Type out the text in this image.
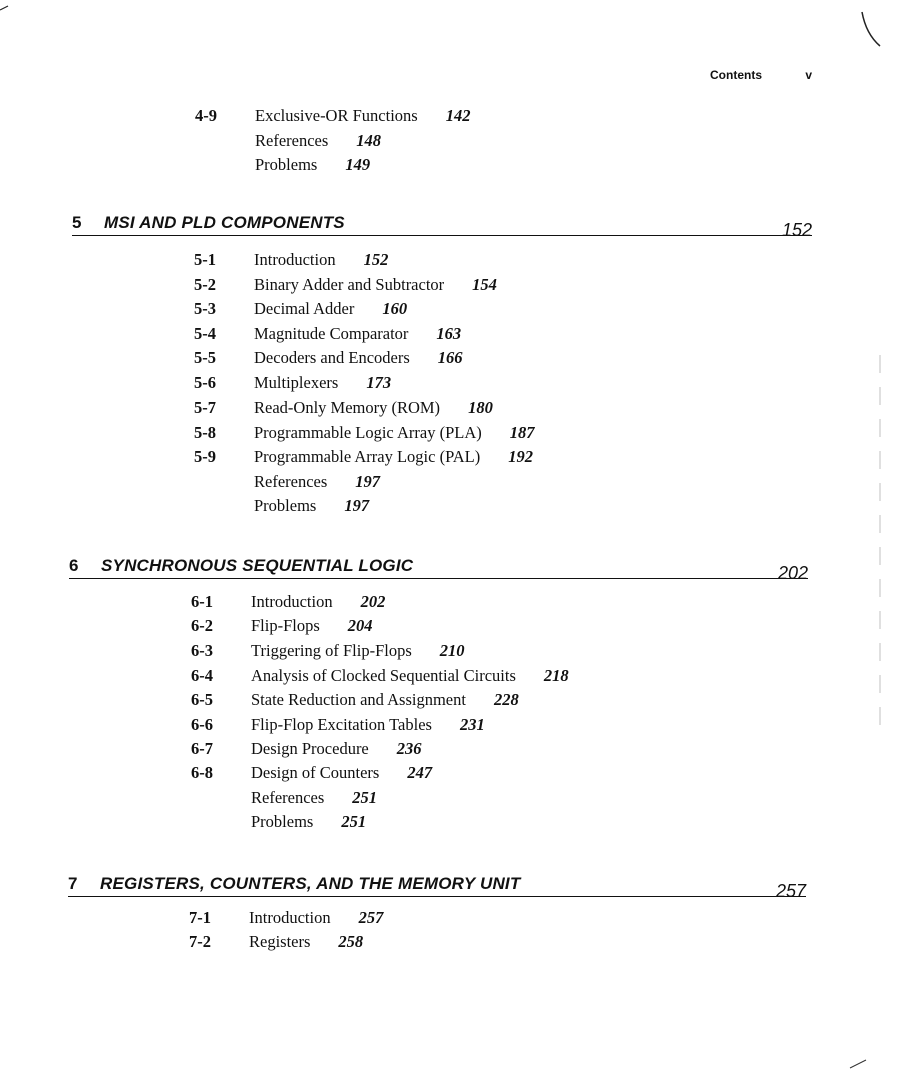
Contents	v
4-9 Exclusive-OR Functions 142
References 148
Problems 149
5 MSI AND PLD COMPONENTS	152
5-1 Introduction 152
5-2 Binary Adder and Subtractor 154
5-3 Decimal Adder 160
5-4 Magnitude Comparator 163
5-5 Decoders and Encoders 166
5-6 Multiplexers 173
5-7 Read-Only Memory (ROM) 180
5-8 Programmable Logic Array (PLA) 187
5-9 Programmable Array Logic (PAL) 192
References 197
Problems 197
6 SYNCHRONOUS SEQUENTIAL LOGIC	202
6-1 Introduction 202
6-2 Flip-Flops 204
6-3 Triggering of Flip-Flops 210
6-4 Analysis of Clocked Sequential Circuits 218
6-5 State Reduction and Assignment 228
6-6 Flip-Flop Excitation Tables 231
6-7 Design Procedure 236
6-8 Design of Counters 247
References 251
Problems 251
7 REGISTERS, COUNTERS, AND THE MEMORY UNIT	257
7-1 Introduction 257
7-2 Registers 258
